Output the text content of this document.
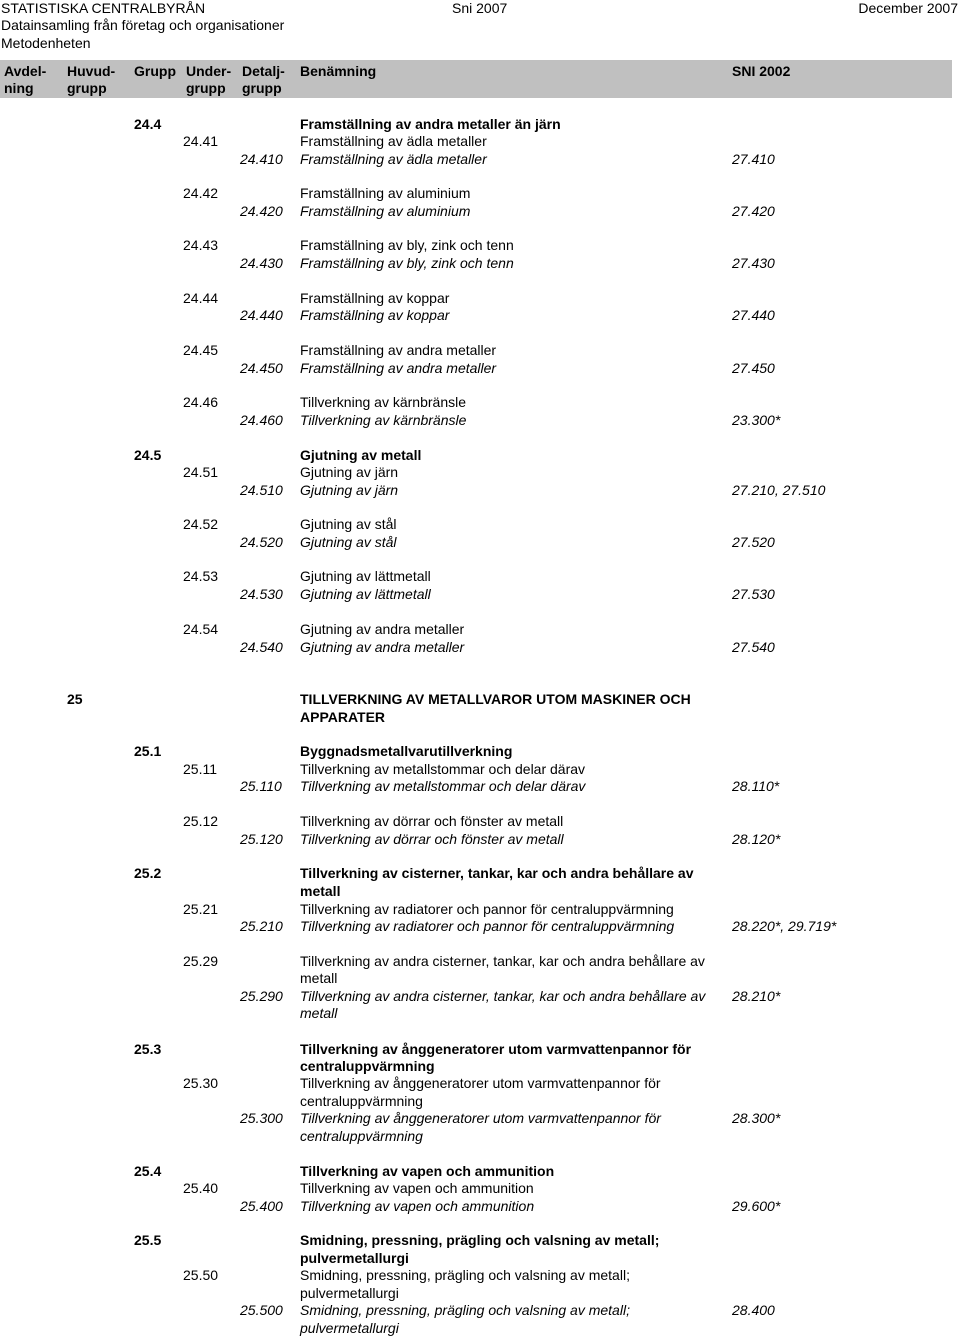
STATISTISKA CENTRALBYRÅN
Datainsamling från företag och organisationer
Metodenheten
Sni 2007	December 2007
Avdel-
ning
Huvud-
grupp
Grupp Under-
grupp
Detalj-
grupp
Benämning	SNI 2002
24.4	Framställning av andra metaller än järn
24.41	Framställning av ädla metaller
24.410 Framställning av ädla metaller	27.410
24.42	Framställning av aluminium
24.420 Framställning av aluminium	27.420
24.43	Framställning av bly, zink och tenn
24.430 Framställning av bly, zink och tenn	27.430
24.44	Framställning av koppar
24.440 Framställning av koppar	27.440
24.45	Framställning av andra metaller
24.450 Framställning av andra metaller	27.450
24.46	Tillverkning av kärnbränsle
24.460 Tillverkning av kärnbränsle	23.300*
24.5	Gjutning av metall
24.51	Gjutning av järn
24.510 Gjutning av järn	27.210, 27.510
24.52	Gjutning av stål
24.520 Gjutning av stål	27.520
24.53	Gjutning av lättmetall
24.530 Gjutning av lättmetall	27.530
24.54	Gjutning av andra metaller
24.540 Gjutning av andra metaller	27.540
25	TILLVERKNING AV METALLVAROR UTOM MASKINER OCH
APPARATER
25.1	Byggnadsmetallvarutillverkning
25.11	Tillverkning av metallstommar och delar därav
25.110 Tillverkning av metallstommar och delar därav	28.110*
25.12	Tillverkning av dörrar och fönster av metall
25.120 Tillverkning av dörrar och fönster av metall	28.120*
25.2	Tillverkning av cisterner, tankar, kar och andra behållare av
metall
25.21	Tillverkning av radiatorer och pannor för centraluppvärmning
25.210 Tillverkning av radiatorer och pannor för centraluppvärmning	28.220*, 29.719*
25.29	Tillverkning av andra cisterner, tankar, kar och andra behållare av
metall
25.290 Tillverkning av andra cisterner, tankar, kar och andra behållare av 28.210*
metall
25.3	Tillverkning av ånggeneratorer utom varmvattenpannor för
centraluppvärmning
25.30	Tillverkning av ånggeneratorer utom varmvattenpannor för
centraluppvärmning
25.300 Tillverkning av ånggeneratorer utom varmvattenpannor för	28.300*
centraluppvärmning
25.4	Tillverkning av vapen och ammunition
25.40	Tillverkning av vapen och ammunition
25.400 Tillverkning av vapen och ammunition	29.600*
25.5	Smidning, pressning, prägling och valsning av metall;
pulvermetallurgi
25.50	Smidning, pressning, prägling och valsning av metall;
pulvermetallurgi
25.500 Smidning, pressning, prägling och valsning av metall;	28.400
pulvermetallurgi
